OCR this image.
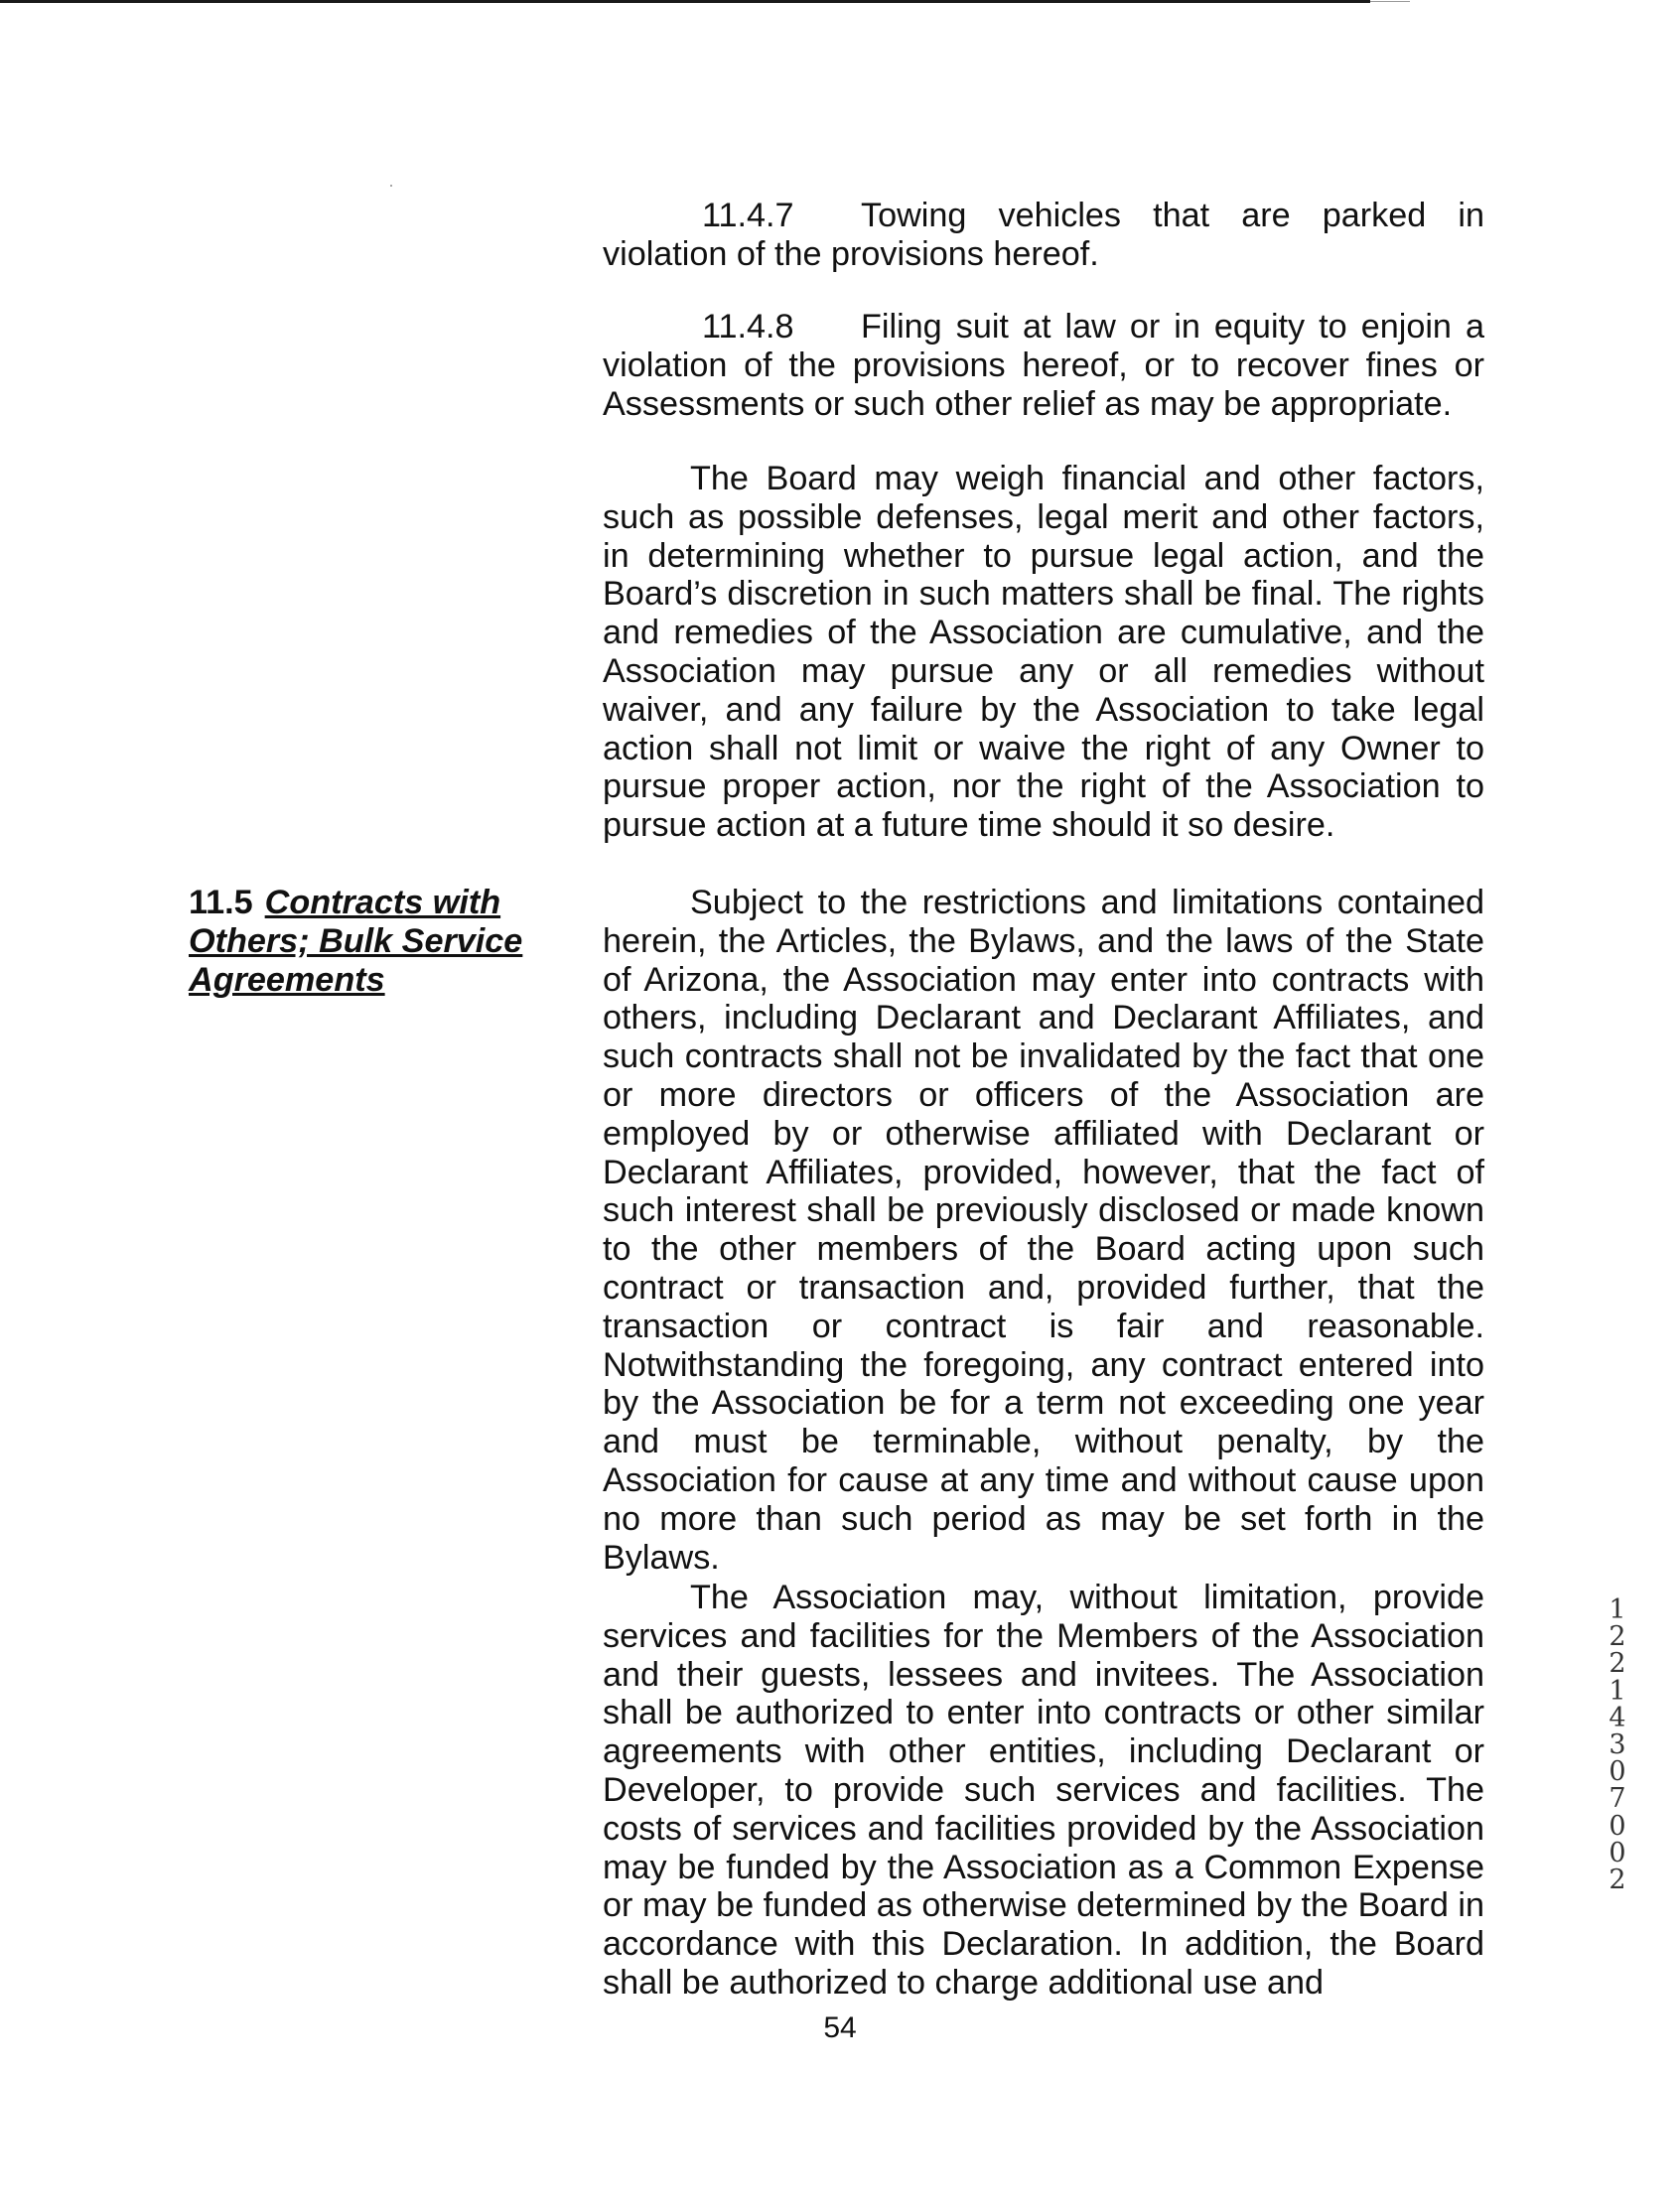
11.4.7 Towing vehicles that are parked in violation of the provisions hereof.

11.4.8 Filing suit at law or in equity to enjoin a violation of the provisions hereof, or to recover fines or Assessments or such other relief as may be appropriate.

The Board may weigh financial and other factors, such as possible defenses, legal merit and other factors, in determining whether to pursue legal action, and the Board’s discretion in such matters shall be final. The rights and remedies of the Association are cumulative, and the Association may pursue any or all remedies without waiver, and any failure by the Association to take legal action shall not limit or waive the right of any Owner to pursue proper action, nor the right of the Association to pursue action at a future time should it so desire.

11.5 Contracts with Others; Bulk Service Agreements

Subject to the restrictions and limitations contained herein, the Articles, the Bylaws, and the laws of the State of Arizona, the Association may enter into contracts with others, including Declarant and Declarant Affiliates, and such contracts shall not be invalidated by the fact that one or more directors or officers of the Association are employed by or otherwise affiliated with Declarant or Declarant Affiliates, provided, however, that the fact of such interest shall be previously disclosed or made known to the other members of the Board acting upon such contract or transaction and, provided further, that the transaction or contract is fair and reasonable. Notwithstanding the foregoing, any contract entered into by the Association be for a term not exceeding one year and must be terminable, without penalty, by the Association for cause at any time and without cause upon no more than such period as may be set forth in the Bylaws.

The Association may, without limitation, provide services and facilities for the Members of the Association and their guests, lessees and invitees. The Association shall be authorized to enter into contracts or other similar agreements with other entities, including Declarant or Developer, to provide such services and facilities. The costs of services and facilities provided by the Association may be funded by the Association as a Common Expense or may be funded as otherwise determined by the Board in accordance with this Declaration. In addition, the Board shall be authorized to charge additional use and

54

1
2
2
1
4
3
0
7
0
0
2
